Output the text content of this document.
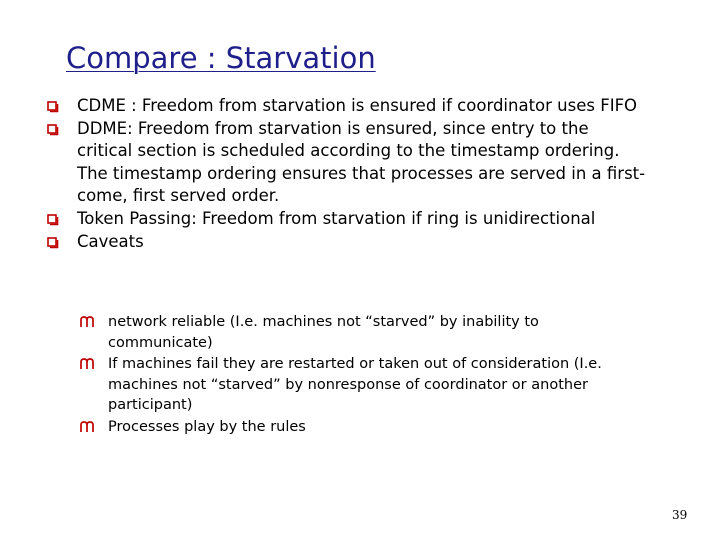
Compare : Starvation
CDME : Freedom from starvation is ensured if coordinator uses FIFO
DDME: Freedom from starvation is ensured, since entry to the critical section is scheduled according to the timestamp ordering. The timestamp ordering ensures that processes are served in a first-come, first served order.
Token Passing: Freedom from starvation if ring is unidirectional
Caveats
network reliable (I.e. machines not “starved” by inability to communicate)
If machines fail they are restarted or taken out of consideration (I.e. machines not “starved” by nonresponse of coordinator or another participant)
Processes play by the rules
39
